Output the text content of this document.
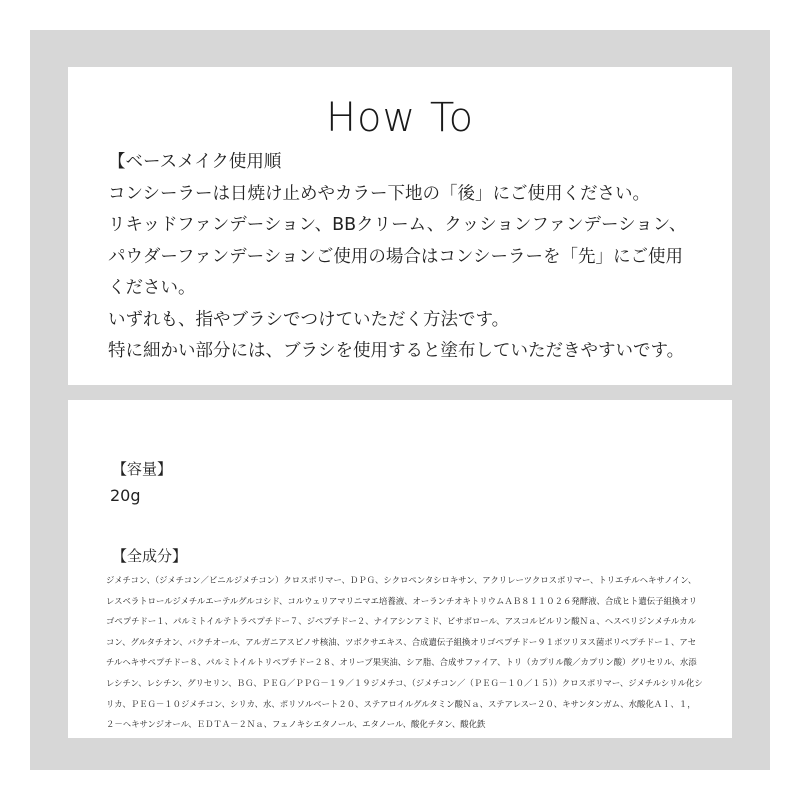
How To
【ベースメイク使用順
コンシーラーは日焼け止めやカラー下地の「後」にご使用ください。
リキッドファンデーション、BBクリーム、クッションファンデーション、
パウダーファンデーションご使用の場合はコンシーラーを「先」にご使用
ください。
いずれも、指やブラシでつけていただく方法です。
特に細かい部分には、ブラシを使用すると塗布していただきやすいです。
【容量】
20g
【全成分】
ジメチコン、（ジメチコン／ビニルジメチコン）クロスポリマー、ＤＰＧ、シクロペンタシロキサン、アクリレーツクロスポリマー、トリエチルヘキサノイン、レスベラトロールジメチルエーテルグルコシド、コルウェリアマリニマエ培養液、オーランチオキトリウムＡＢ８１１０２６発酵液、合成ヒト遺伝子組換オリゴペプチドー１、パルミトイルテトラペプチドー７、ジペプチドー２、ナイアシンアミド、ビサボロール、アスコルビルリン酸Ｎａ、ヘスペリジンメチルカルコン、グルタチオン、バクチオール、アルガニアスピノサ核油、ツボクサエキス、合成遺伝子組換オリゴペプチドー９１ボツリヌス菌ポリペプチドー１、アセチルヘキサペプチドー８、パルミトイルトリペプチドー２８、オリーブ果実油、シア脂、合成サファイア、トリ（カプリル酸／カプリン酸）グリセリル、水添レシチン、レシチン、グリセリン、ＢＧ、ＰＥＧ／ＰＰＧ－１９／１９ジメチコ、（ジメチコン／（ＰＥＧ－１０／１５））クロスポリマー、ジメチルシリル化シリカ、ＰＥＧ－１０ジメチコン、シリカ、水、ポリソルベート２０、ステアロイルグルタミン酸Ｎａ、ステアレスー２０、キサンタンガム、水酸化Ａｌ、１，２－ヘキサンジオール、ＥＤＴＡ－２Ｎａ、フェノキシエタノール、エタノール、酸化チタン、酸化鉄
